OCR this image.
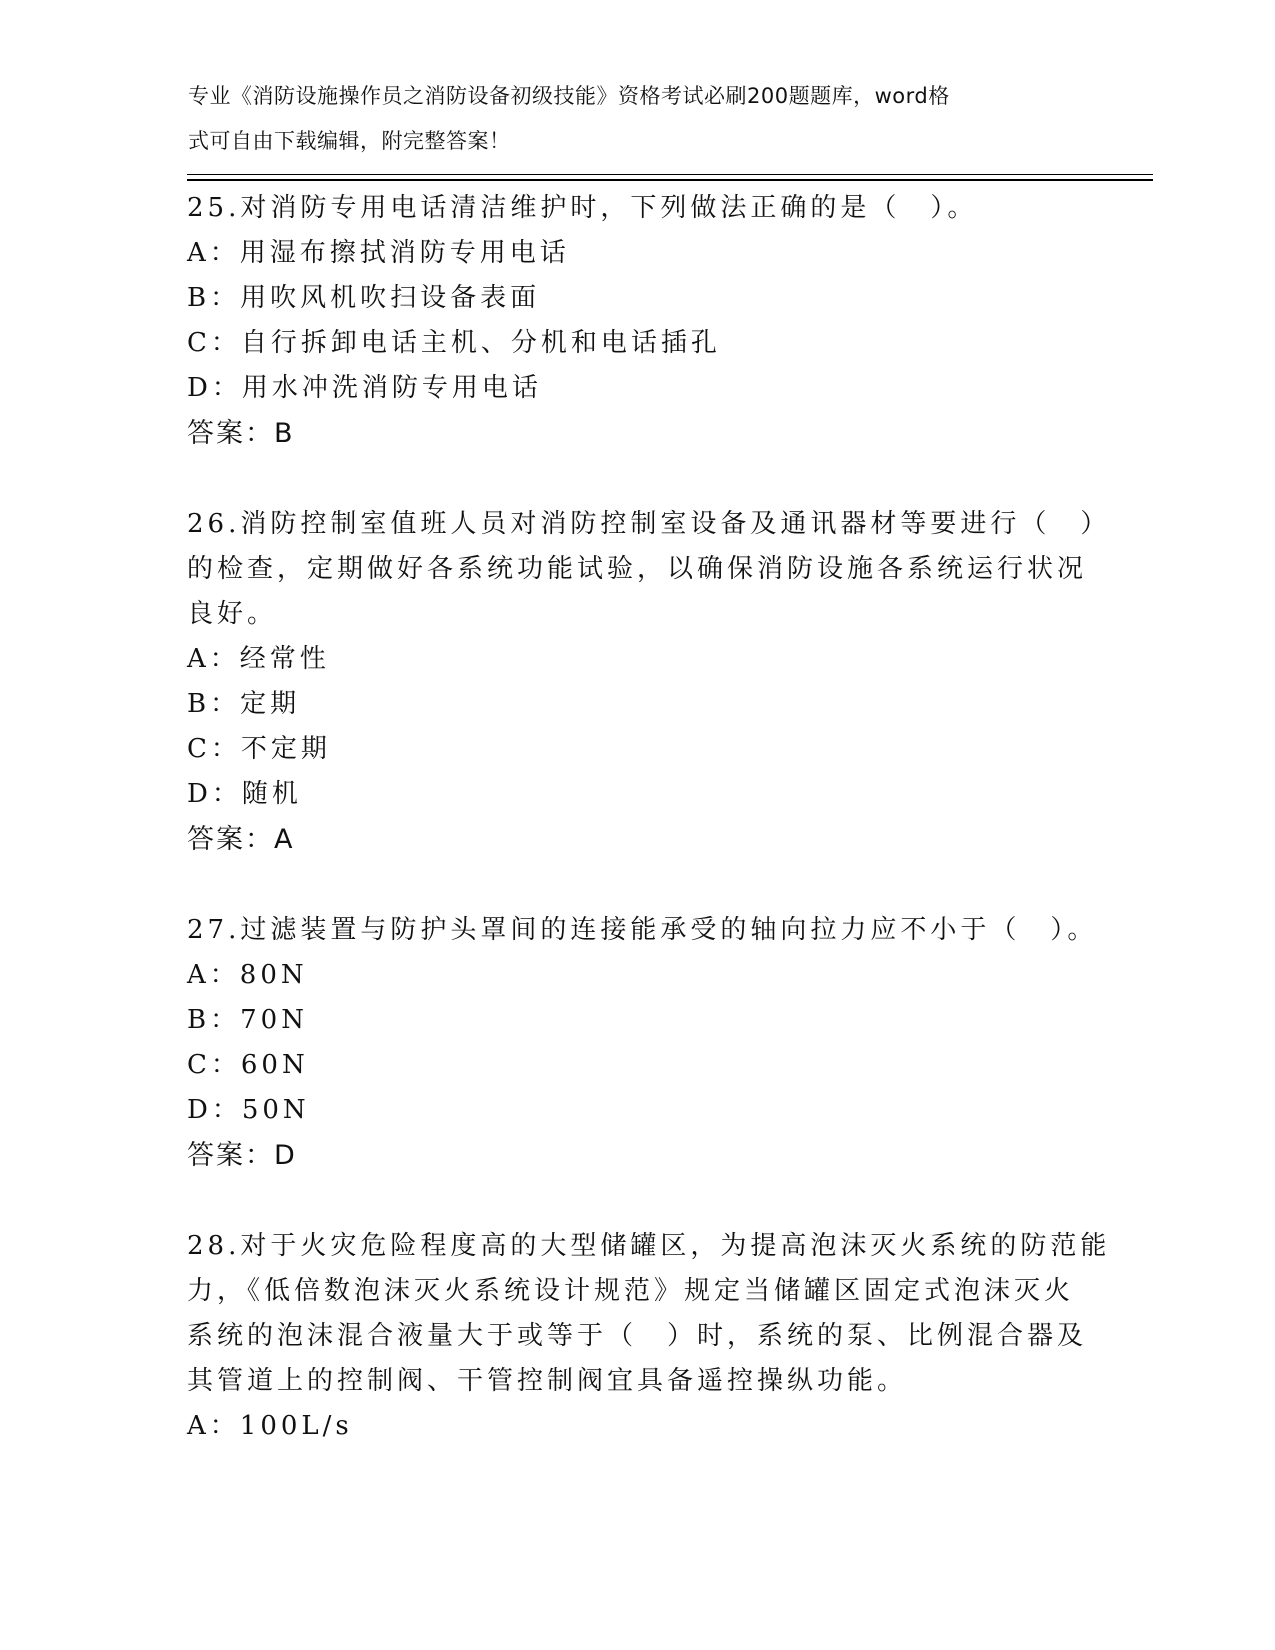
专业《消防设施操作员之消防设备初级技能》资格考试必刷200题题库，word格
式可自由下载编辑，附完整答案！
25.对消防专用电话清洁维护时，下列做法正确的是（　）。
A：用湿布擦拭消防专用电话
B：用吹风机吹扫设备表面
C：自行拆卸电话主机、分机和电话插孔
D：用水冲洗消防专用电话
答案：B
26.消防控制室值班人员对消防控制室设备及通讯器材等要进行（　）
的检查，定期做好各系统功能试验，以确保消防设施各系统运行状况
良好。
A：经常性
B：定期
C：不定期
D：随机
答案：A
27.过滤装置与防护头罩间的连接能承受的轴向拉力应不小于（　）。
A：80N
B：70N
C：60N
D：50N
答案：D
28.对于火灾危险程度高的大型储罐区，为提高泡沫灭火系统的防范能
力，《低倍数泡沫灭火系统设计规范》规定当储罐区固定式泡沫灭火
系统的泡沫混合液量大于或等于（　）时，系统的泵、比例混合器及
其管道上的控制阀、干管控制阀宜具备遥控操纵功能。
A：100L/s
